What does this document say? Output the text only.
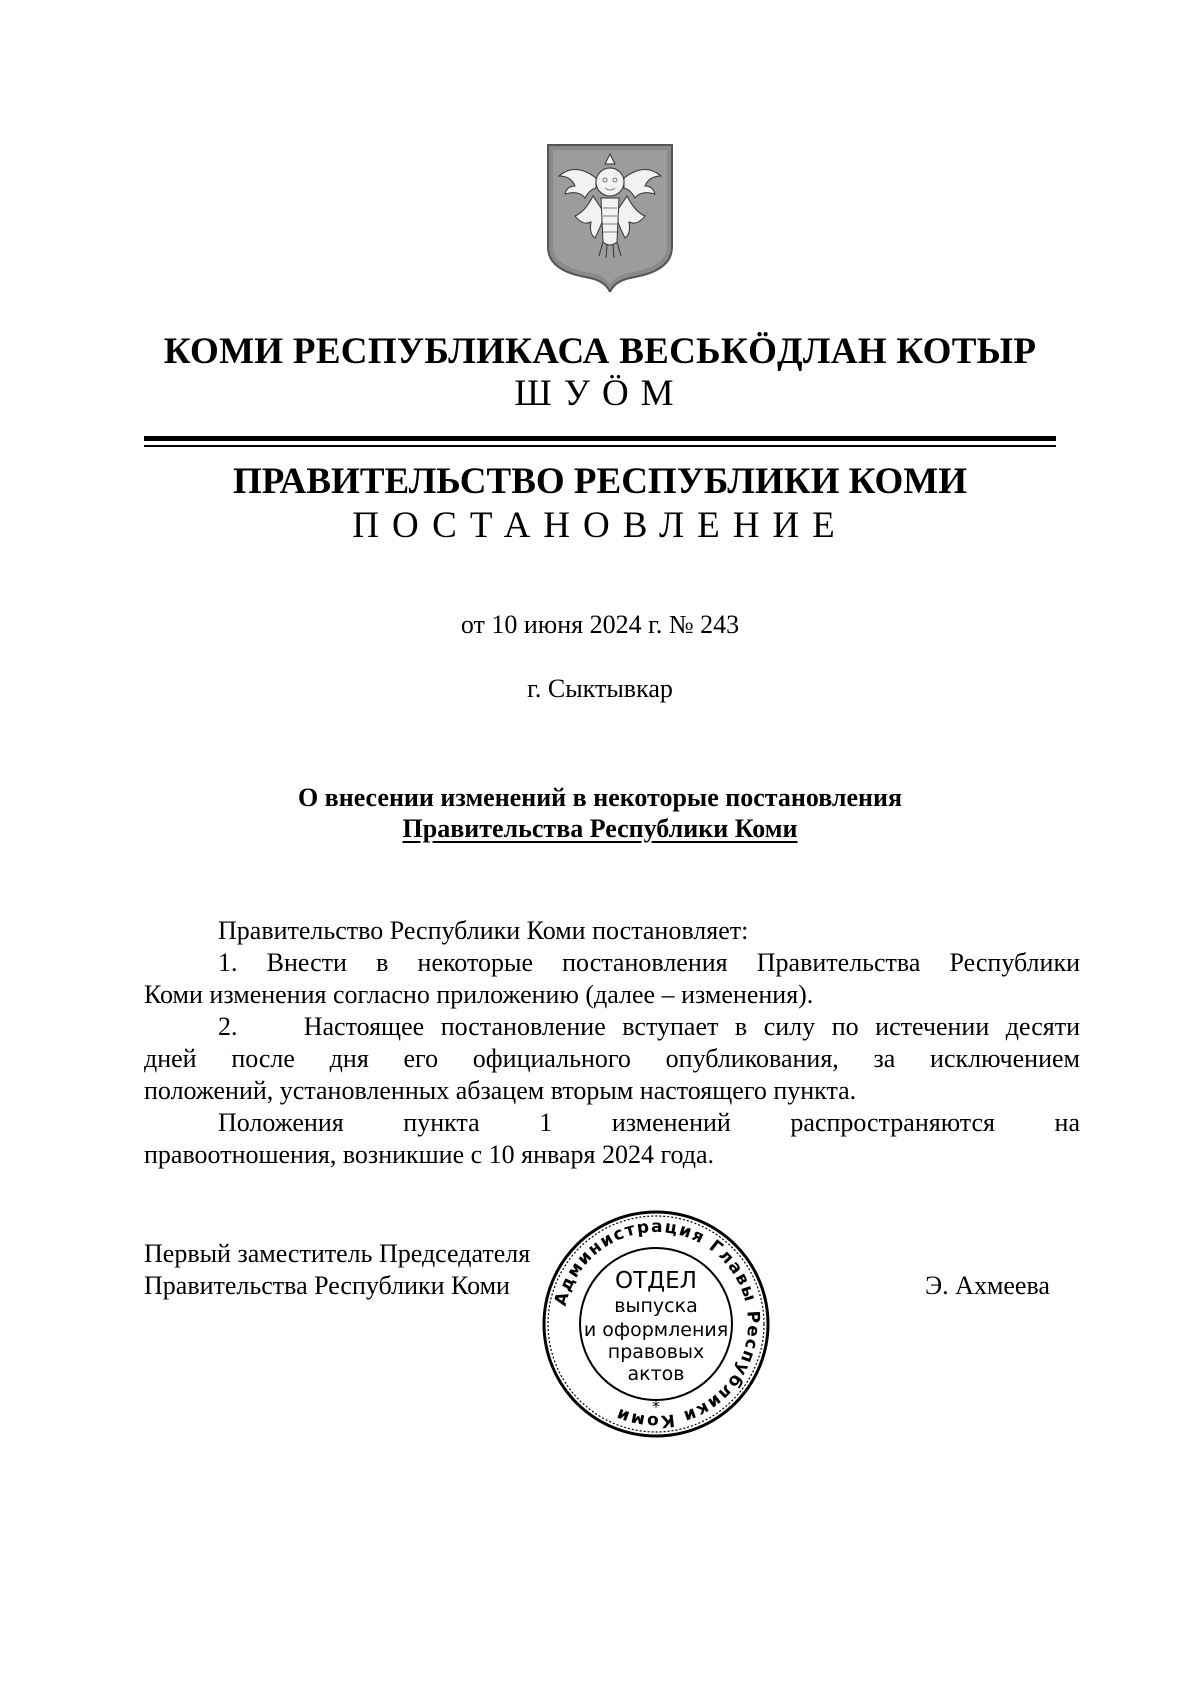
КОМИ РЕСПУБЛИКАСА ВЕСЬКӦДЛАН КОТЫР
ШУӦМ
ПРАВИТЕЛЬСТВО РЕСПУБЛИКИ КОМИ
ПОСТАНОВЛЕНИЕ
от 10 июня 2024 г. № 243
г. Сыктывкар
О внесении изменений в некоторые постановления
Правительства Республики Коми
Правительство Республики Коми постановляет:
1. Внести в некоторые постановления Правительства Республики
Коми изменения согласно приложению (далее – изменения).
2.    Настоящее постановление вступает в силу по истечении десяти
дней после дня его официального опубликования, за исключением
положений, установленных абзацем вторым настоящего пункта.
Положения пункта 1 изменений распространяются на
правоотношения, возникшие с 10 января 2024 года.
Первый заместитель Председателя
Правительства Республики Коми	Э. Ахмеева
Администрация Главы Республики Коми
ОТДЕЛ
выпуска
и оформления
правовых
актов
*
